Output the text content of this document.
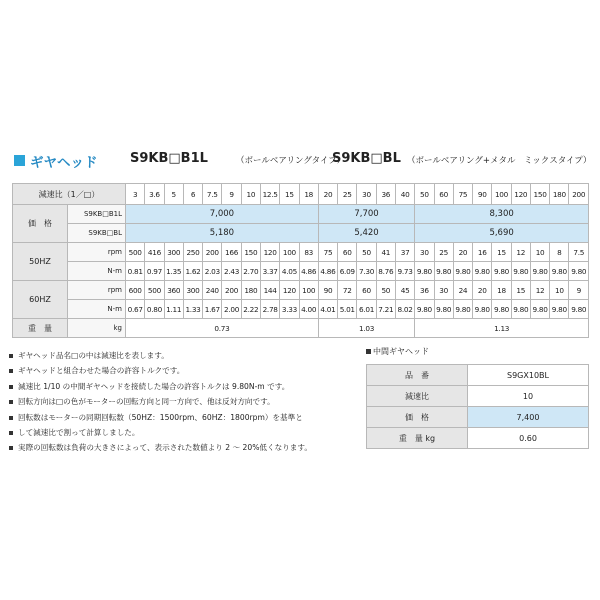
ギヤヘッド	S9KB□B1L	（ボールベアリングタイプ）
S9KB□BL （ボールベアリング+メタル　ミックスタイプ）
減速比（1／□）		3	3.6	5	6	7.5	9	10	12.5	15	18	20	25	30	36	40	50	60	75	90	100	120	150	180	200
価　格	S9KB□B1L	7,000										7,700					8,300								
	S9KB□BL	5,180										5,420					5,690								
50HZ	rpm	500	416	300	250	200	166	150	120	100	83	75	60	50	41	37	30	25	20	16	15	12	10	8	7.5
	N-m	0.81	0.97	1.35	1.62	2.03	2.43	2.70	3.37	4.05	4.86	4.86	6.09	7.30	8.76	9.73	9.80	9.80	9.80	9.80	9.80	9.80	9.80	9.80	9.80
60HZ	rpm	600	500	360	300	240	200	180	144	120	100	90	72	60	50	45	36	30	24	20	18	15	12	10	9
	N-m	0.67	0.80	1.11	1.33	1.67	2.00	2.22	2.78	3.33	4.00	4.01	5.01	6.01	7.21	8.02	9.80	9.80	9.80	9.80	9.80	9.80	9.80	9.80	9.80
重　量	kg	0.73										1.03					1.13								
ギヤヘッド品名□の中は減速比を表します。
ギヤヘッドと組合わせた場合の許容トルクです。
減速比 1/10 の中間ギヤヘッドを接続した場合の許容トルクは 9.80N-m です。
回転方向は□の色がモーターの回転方向と同一方向で、他は反対方向です。
回転数はモーターの同期回転数（50HZ：1500rpm、60HZ：1800rpm）を基準と
して減速比で割って計算しました。
実際の回転数は負荷の大きさによって、表示された数値より 2 ～ 20%低くなります。
中間ギヤヘッド
品　番	S9GX10BL
減速比	10
価　格	7,400
重　量 kg	0.60
